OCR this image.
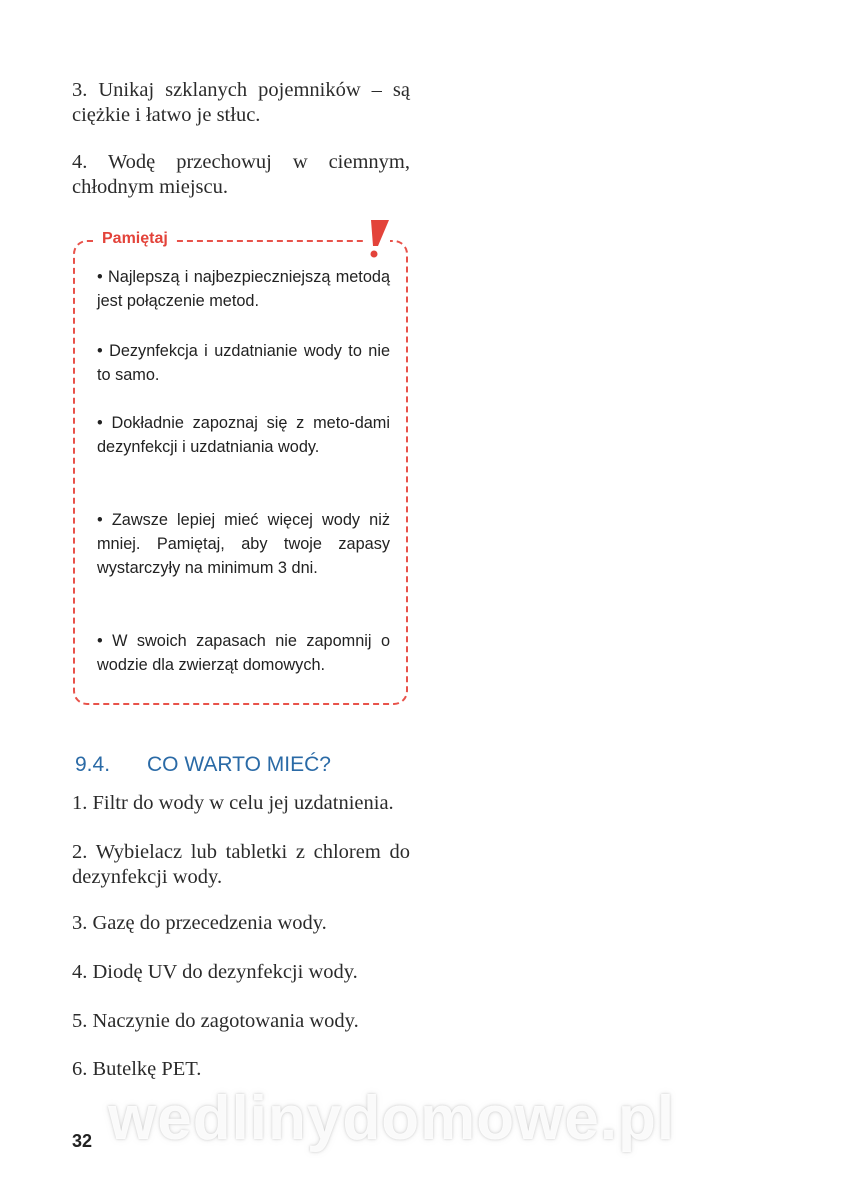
3. Unikaj szklanych pojemników – są ciężkie i łatwo je stłuc.

4. Wodę przechowuj w ciemnym, chłodnym miejscu.

Pamiętaj

• Najlepszą i najbezpieczniejszą metodą jest połączenie metod.

• Dezynfekcja i uzdatnianie wody to nie to samo.

• Dokładnie zapoznaj się z meto-dami dezynfekcji i uzdatniania wody.

• Zawsze lepiej mieć więcej wody niż mniej. Pamiętaj, aby twoje zapasy wystarczyły na minimum 3 dni.

• W swoich zapasach nie zapomnij o wodzie dla zwierząt domowych.

9.4. CO WARTO MIEĆ?

1. Filtr do wody w celu jej uzdatnienia.

2. Wybielacz lub tabletki z chlorem do dezynfekcji wody.

3. Gazę do przecedzenia wody.

4. Diodę UV do dezynfekcji wody.

5. Naczynie do zagotowania wody.

6. Butelkę PET.

wedlinydomowe.pl
32
